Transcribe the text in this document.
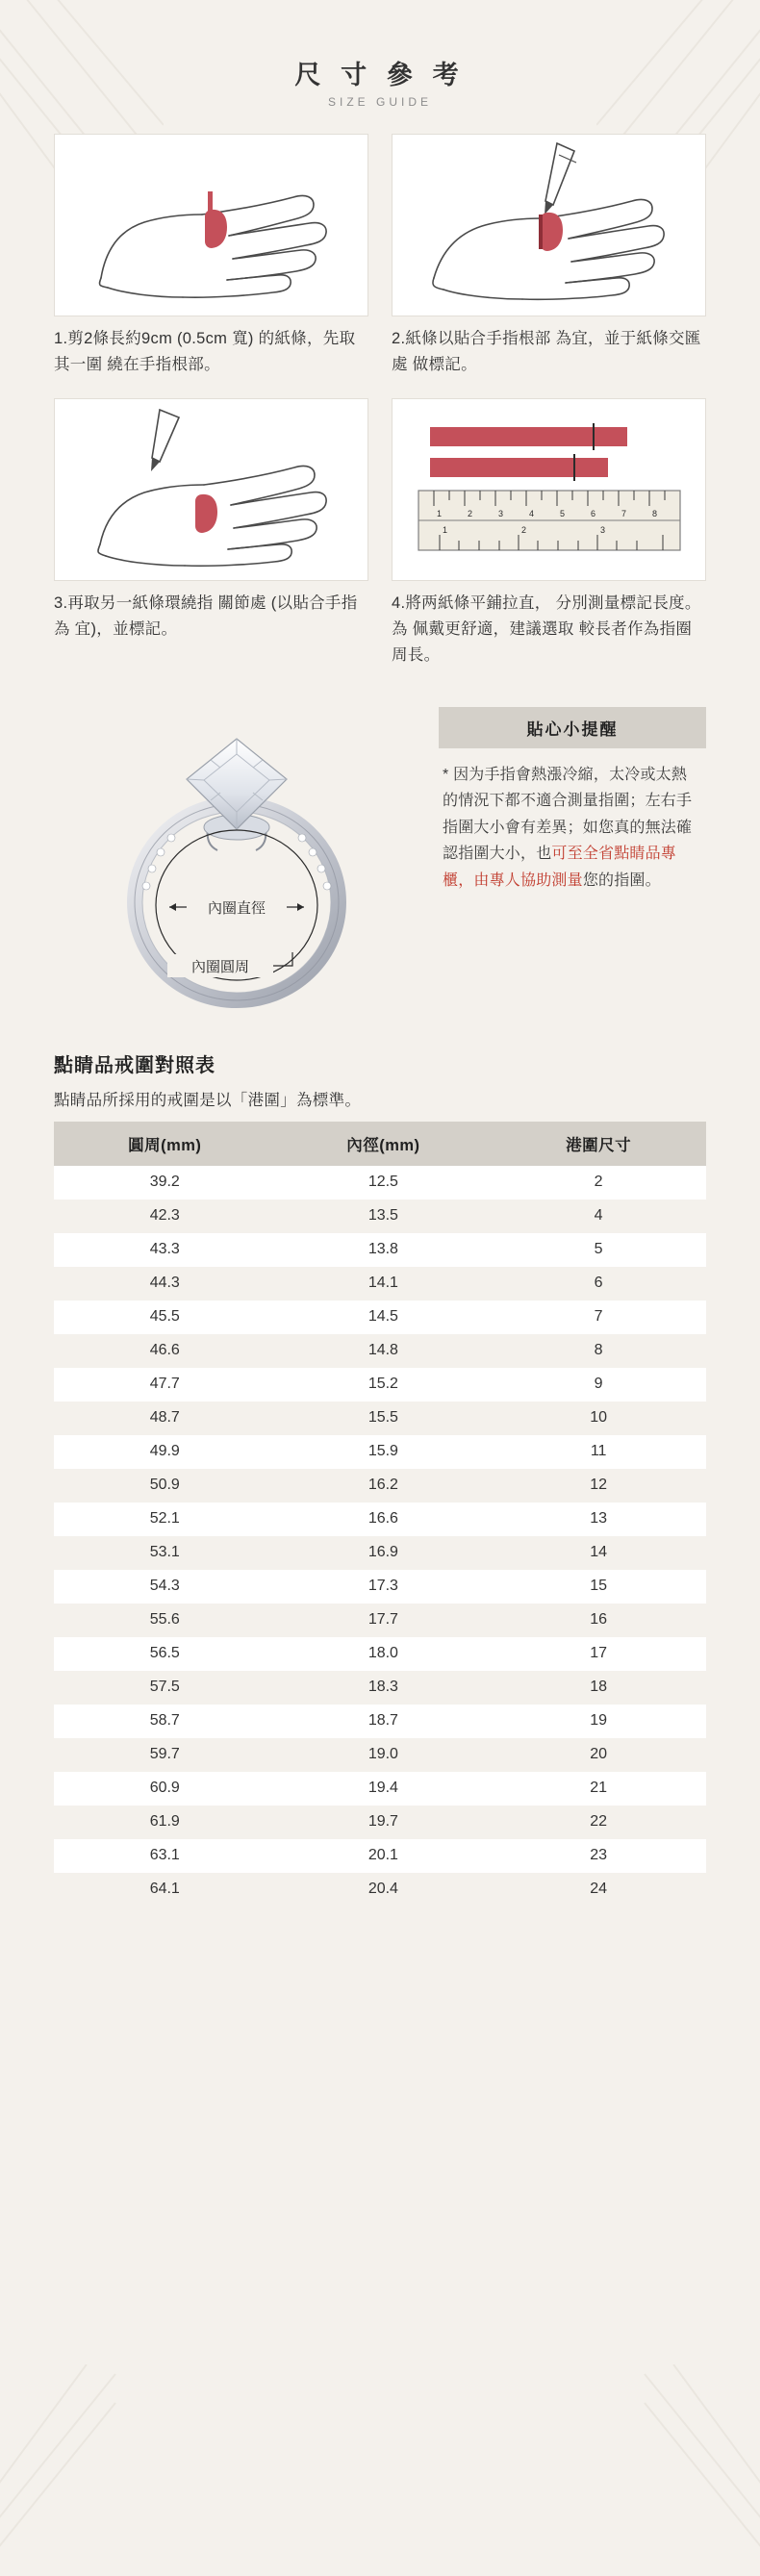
尺 寸 參 考
SIZE GUIDE
1.剪2條長約9cm (0.5cm 寬) 的紙條，先取其一圍 繞在手指根部。
2.紙條以貼合手指根部 為宜，並于紙條交匯處 做標記。
3.再取另一紙條環繞指 關節處 (以貼合手指為 宜)，並標記。
1	2	3	4	5	6	7	8
1	2	3
4.將两紙條平鋪拉直， 分別測量標記長度。為 佩戴更舒適，建議選取 較長者作為指圈周長。
內圈直徑
內圈圓周
貼心小提醒
* 因为手指會熱漲冷縮，太冷或太熱的情況下都不適合測量指圍；左右手指圍大小會有差異；如您真的無法確認指圍大小，也可至全省點睛品專櫃，由專人協助測量您的指圍。
點睛品戒圍對照表
點睛品所採用的戒圍是以「港圍」為標準。
圓周(mm)	內徑(mm)	港圍尺寸
39.2	12.5	2
42.3	13.5	4
43.3	13.8	5
44.3	14.1	6
45.5	14.5	7
46.6	14.8	8
47.7	15.2	9
48.7	15.5	10
49.9	15.9	11
50.9	16.2	12
52.1	16.6	13
53.1	16.9	14
54.3	17.3	15
55.6	17.7	16
56.5	18.0	17
57.5	18.3	18
58.7	18.7	19
59.7	19.0	20
60.9	19.4	21
61.9	19.7	22
63.1	20.1	23
64.1	20.4	24
